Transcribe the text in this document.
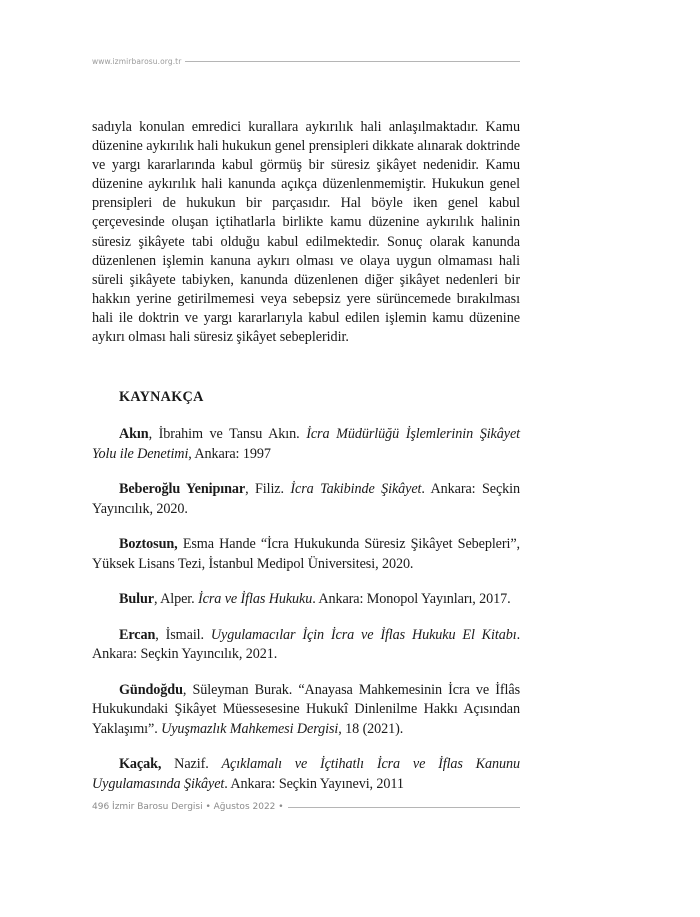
www.izmirbarosu.org.tr

sadıyla konulan emredici kurallara aykırılık hali anlaşılmaktadır. Kamu düzenine aykırılık hali hukukun genel prensipleri dikkate alınarak doktrinde ve yargı kararlarında kabul görmüş bir süresiz şikâyet nedenidir. Kamu düzenine aykırılık hali kanunda açıkça düzenlenmemiştir. Hukukun genel prensipleri de hukukun bir parçasıdır. Hal böyle iken genel kabul çerçevesinde oluşan içtihatlarla birlikte kamu düzenine aykırılık halinin süresiz şikâyete tabi olduğu kabul edilmektedir. Sonuç olarak kanunda düzenlenen işlemin kanuna aykırı olması ve olaya uygun olmaması hali süreli şikâyete tabiyken, kanunda düzenlenen diğer şikâyet nedenleri bir hakkın yerine getirilmemesi veya sebepsiz yere sürüncemede bırakılması hali ile doktrin ve yargı kararlarıyla kabul edilen işlemin kamu düzenine aykırı olması hali süresiz şikâyet sebepleridir.

KAYNAKÇA

Akın, İbrahim ve Tansu Akın. İcra Müdürlüğü İşlemlerinin Şikâyet Yolu ile Denetimi, Ankara: 1997

Beberoğlu Yenipınar, Filiz. İcra Takibinde Şikâyet. Ankara: Seçkin Yayıncılık, 2020.

Boztosun, Esma Hande “İcra Hukukunda Süresiz Şikâyet Sebepleri”, Yüksek Lisans Tezi, İstanbul Medipol Üniversitesi, 2020.

Bulur, Alper. İcra ve İflas Hukuku. Ankara: Monopol Yayınları, 2017.

Ercan, İsmail. Uygulamacılar İçin İcra ve İflas Hukuku El Kitabı. Ankara: Seçkin Yayıncılık, 2021.

Gündoğdu, Süleyman Burak. “Anayasa Mahkemesinin İcra ve İflâs Hukukundaki Şikâyet Müessesesine Hukukî Dinlenilme Hakkı Açısından Yaklaşımı”. Uyuşmazlık Mahkemesi Dergisi, 18 (2021).

Kaçak, Nazif. Açıklamalı ve İçtihatlı İcra ve İflas Kanunu Uygulamasında Şikâyet. Ankara: Seçkin Yayınevi, 2011

496 İzmir Barosu Dergisi • Ağustos 2022 •
